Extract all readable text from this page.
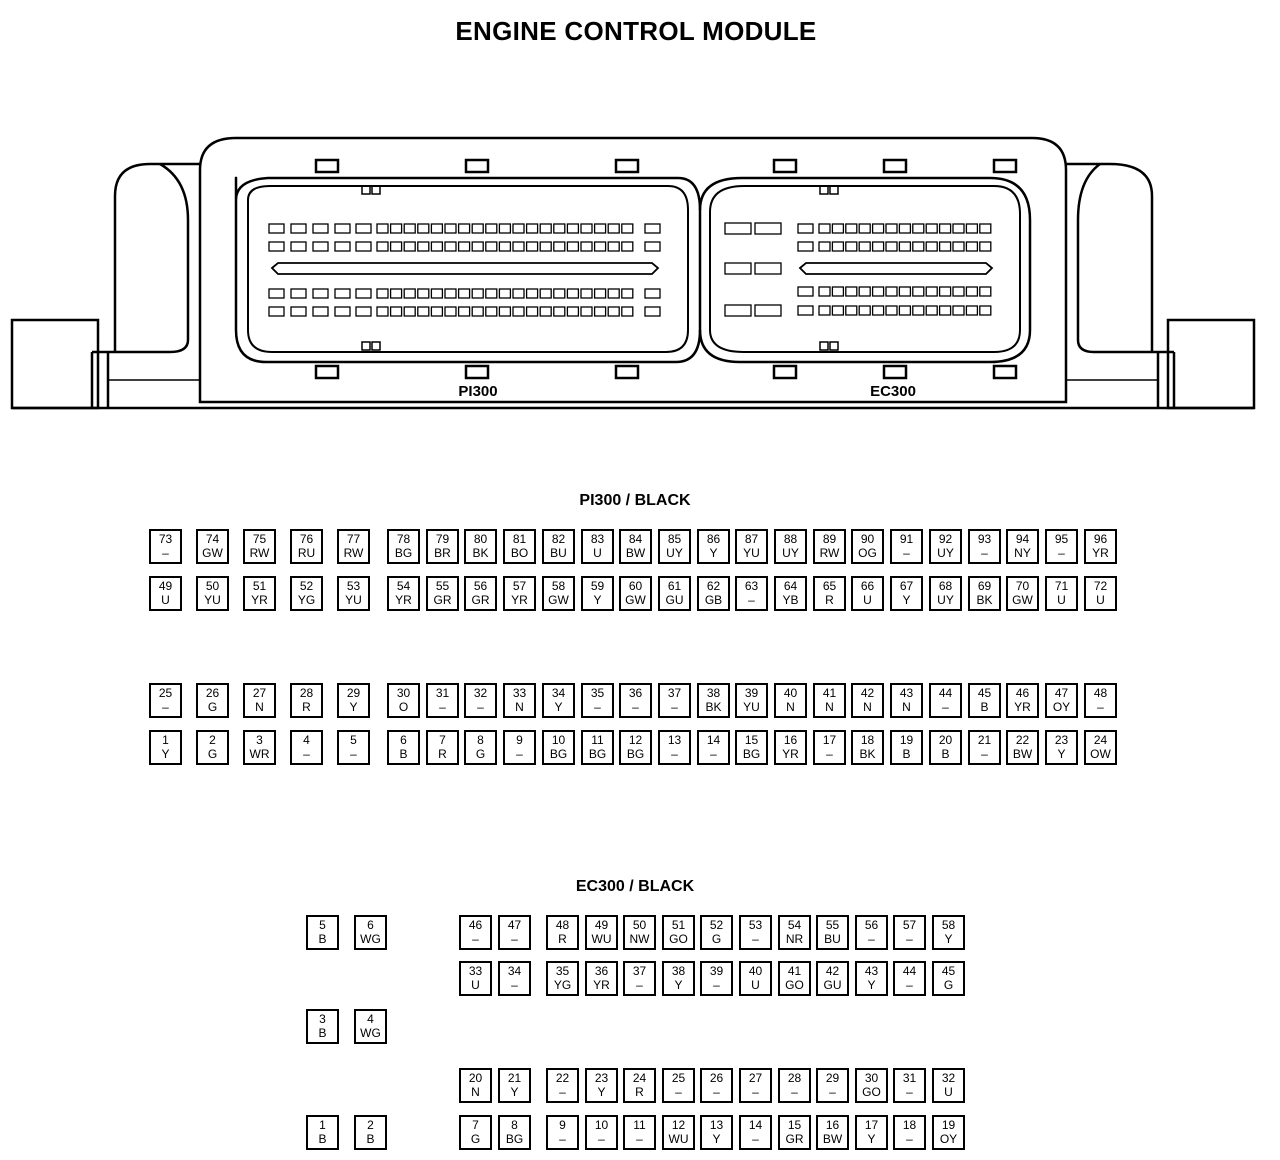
ENGINE CONTROL MODULE
PI300	EC300
PI300 / BLACK
73
–
74
GW
75
RW
76
RU
77
RW
78
BG
79
BR
80
BK
81
BO
82
BU
83
U
84
BW
85
UY
86
Y
87
YU
88
UY
89
RW
90
OG
91
–
92
UY
93
–
94
NY
95
–
96
YR
49
U
50
YU
51
YR
52
YG
53
YU
54
YR
55
GR
56
GR
57
YR
58
GW
59
Y
60
GW
61
GU
62
GB
63
–
64
YB
65
R
66
U
67
Y
68
UY
69
BK
70
GW
71
U
72
U
25
–
26
G
27
N
28
R
29
Y
30
O
31
–
32
–
33
N
34
Y
35
–
36
–
37
–
38
BK
39
YU
40
N
41
N
42
N
43
N
44
–
45
B
46
YR
47
OY
48
–
1
Y
2
G
3
WR
4
–
5
–
6
B
7
R
8
G
9
–
10
BG
11
BG
12
BG
13
–
14
–
15
BG
16
YR
17
–
18
BK
19
B
20
B
21
–
22
BW
23
Y
24
OW
EC300 / BLACK
5
B
6
WG
3
B
4
WG
1
B
2
B
46
–
47
–
48
R
49
WU
50
NW
51
GO
52
G
53
–
54
NR
55
BU
56
–
57
–
58
Y
33
U
34
–
35
YG
36
YR
37
–
38
Y
39
–
40
U
41
GO
42
GU
43
Y
44
–
45
G
20
N
21
Y
22
–
23
Y
24
R
25
–
26
–
27
–
28
–
29
–
30
GO
31
–
32
U
7
G
8
BG
9
–
10
–
11
–
12
WU
13
Y
14
–
15
GR
16
BW
17
Y
18
–
19
OY
